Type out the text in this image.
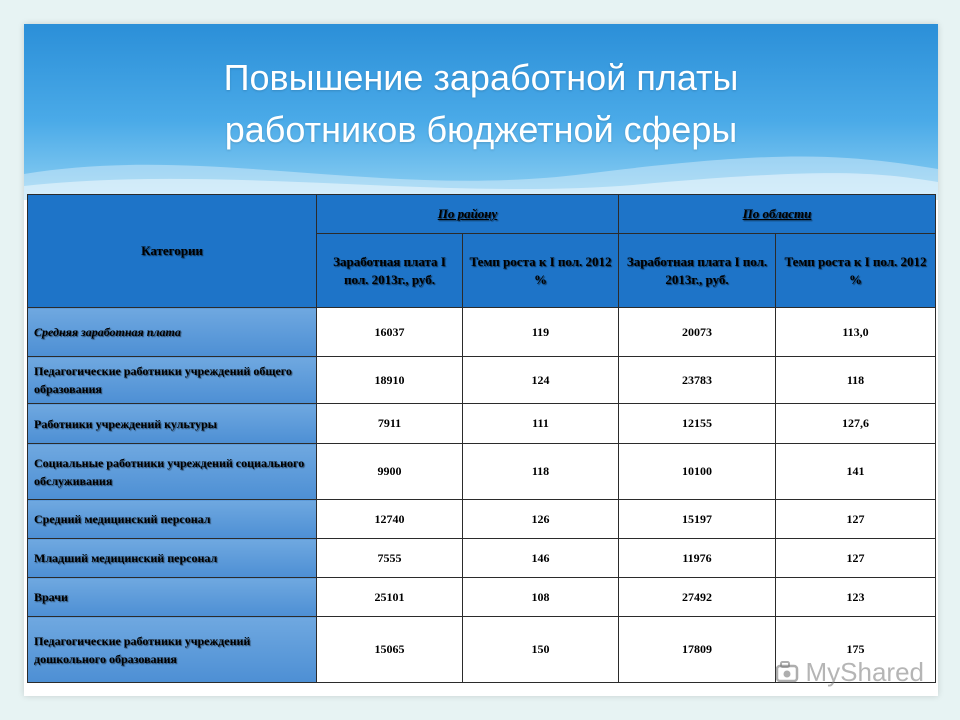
Повышение заработной платы
работников бюджетной сферы
Категории	По району		По области	
	Заработная плата I пол. 2013г., руб.	Темп роста к I пол. 2012 %	Заработная плата I пол. 2013г., руб.	Темп роста к I пол. 2012 %
Средняя заработная плата	16037	119	20073	113,0
Педагогические работники учреждений общего образования	18910	124	23783	118
Работники учреждений культуры	7911	111	12155	127,6
Социальные работники учреждений социального обслуживания	9900	118	10100	141
Средний медицинский персонал	12740	126	15197	127
Младший медицинский персонал	7555	146	11976	127
Врачи	25101	108	27492	123
Педагогические работники учреждений дошкольного образования	15065	150	17809	175
MyShared
